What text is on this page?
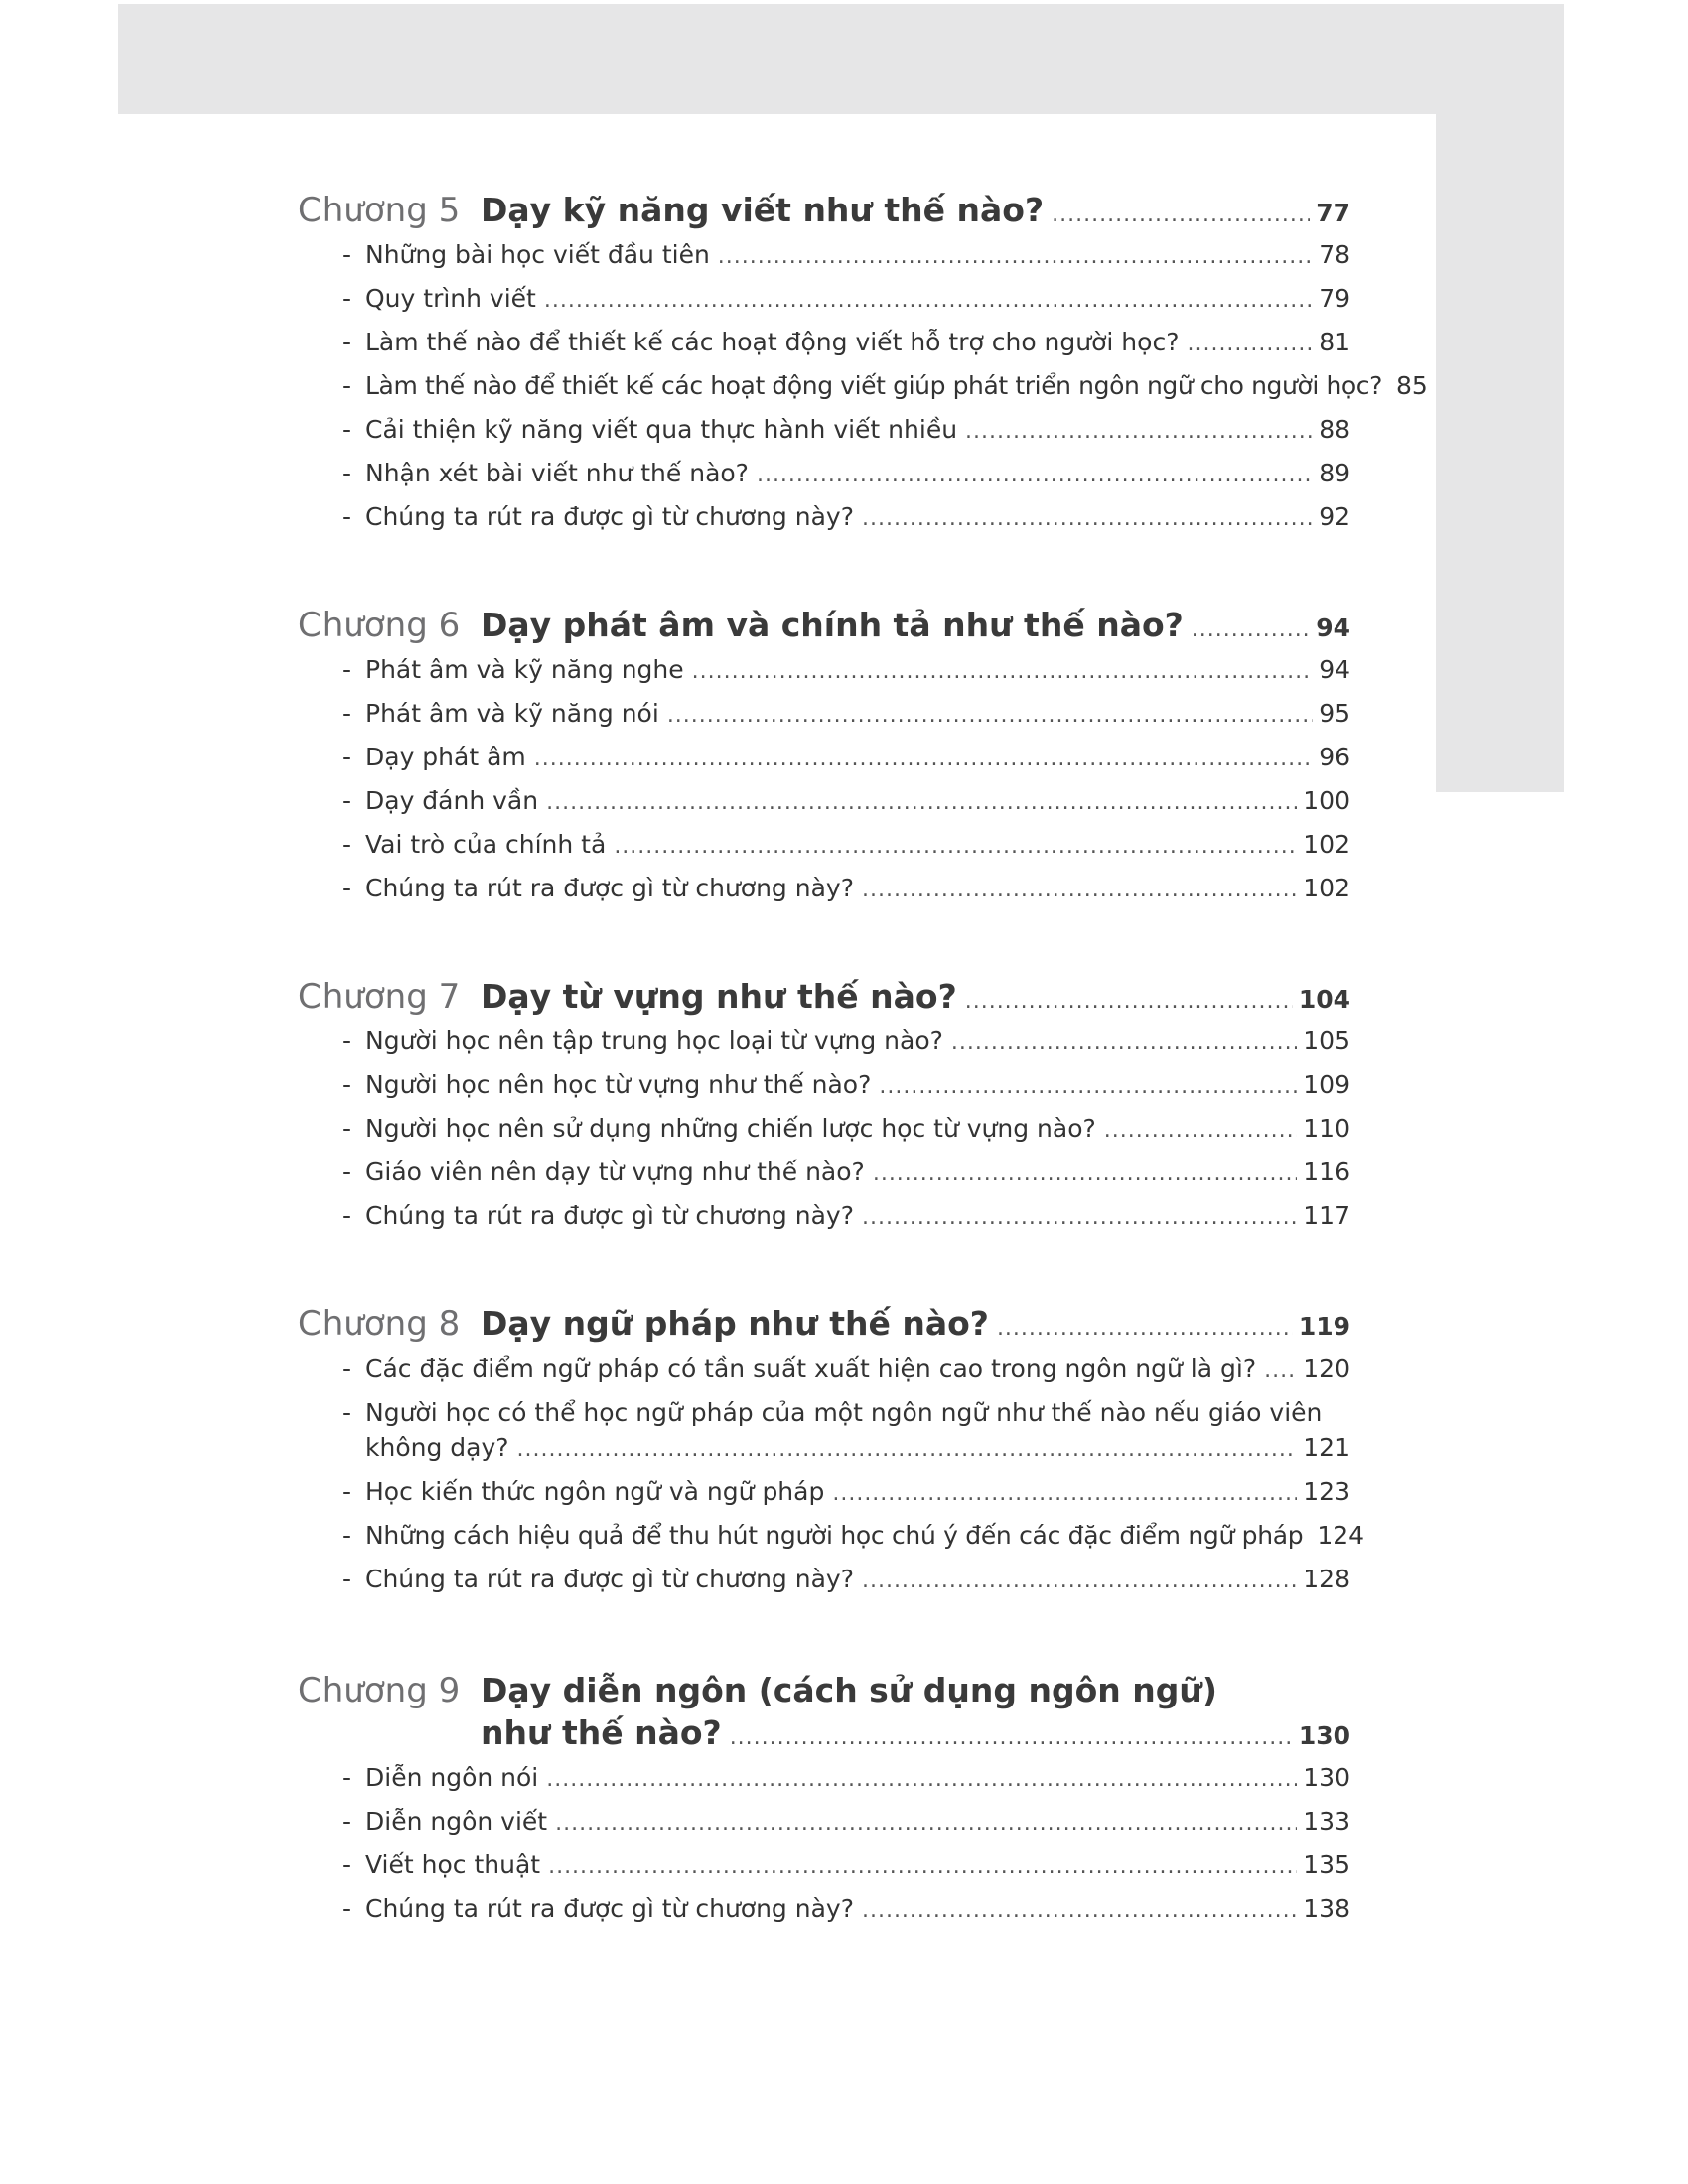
Chương 5 Dạy kỹ năng viết như thế nào? .....	77
- Những bài học viết đầu tiên .....	78
- Quy trình viết .....	79
- Làm thế nào để thiết kế các hoạt động viết hỗ trợ cho người học? .....	81
- Làm thế nào để thiết kế các hoạt động viết giúp phát triển ngôn ngữ cho người học? 85
- Cải thiện kỹ năng viết qua thực hành viết nhiều .....	88
- Nhận xét bài viết như thế nào? .....	89
- Chúng ta rút ra được gì từ chương này? .....	92
Chương 6 Dạy phát âm và chính tả như thế nào? .....	94
- Phát âm và kỹ năng nghe .....	94
- Phát âm và kỹ năng nói .....	95
- Dạy phát âm .....	96
- Dạy đánh vần .....	100
- Vai trò của chính tả .....	102
- Chúng ta rút ra được gì từ chương này? .....	102
Chương 7 Dạy từ vựng như thế nào? .....	104
- Người học nên tập trung học loại từ vựng nào? .....	105
- Người học nên học từ vựng như thế nào? .....	109
- Người học nên sử dụng những chiến lược học từ vựng nào? .....	110
- Giáo viên nên dạy từ vựng như thế nào? .....	116
- Chúng ta rút ra được gì từ chương này? .....	117
Chương 8 Dạy ngữ pháp như thế nào? .....	119
- Các đặc điểm ngữ pháp có tần suất xuất hiện cao trong ngôn ngữ là gì? ..... 120
- Người học có thể học ngữ pháp của một ngôn ngữ như thế nào nếu giáo viên
không dạy? .....	121
- Học kiến thức ngôn ngữ và ngữ pháp .....	123
- Những cách hiệu quả để thu hút người học chú ý đến các đặc điểm ngữ pháp 124
- Chúng ta rút ra được gì từ chương này? .....	128
Chương 9 Dạy diễn ngôn (cách sử dụng ngôn ngữ)
như thế nào? .....	130
- Diễn ngôn nói .....	130
- Diễn ngôn viết .....	133
- Viết học thuật .....	135
- Chúng ta rút ra được gì từ chương này? .....	138
